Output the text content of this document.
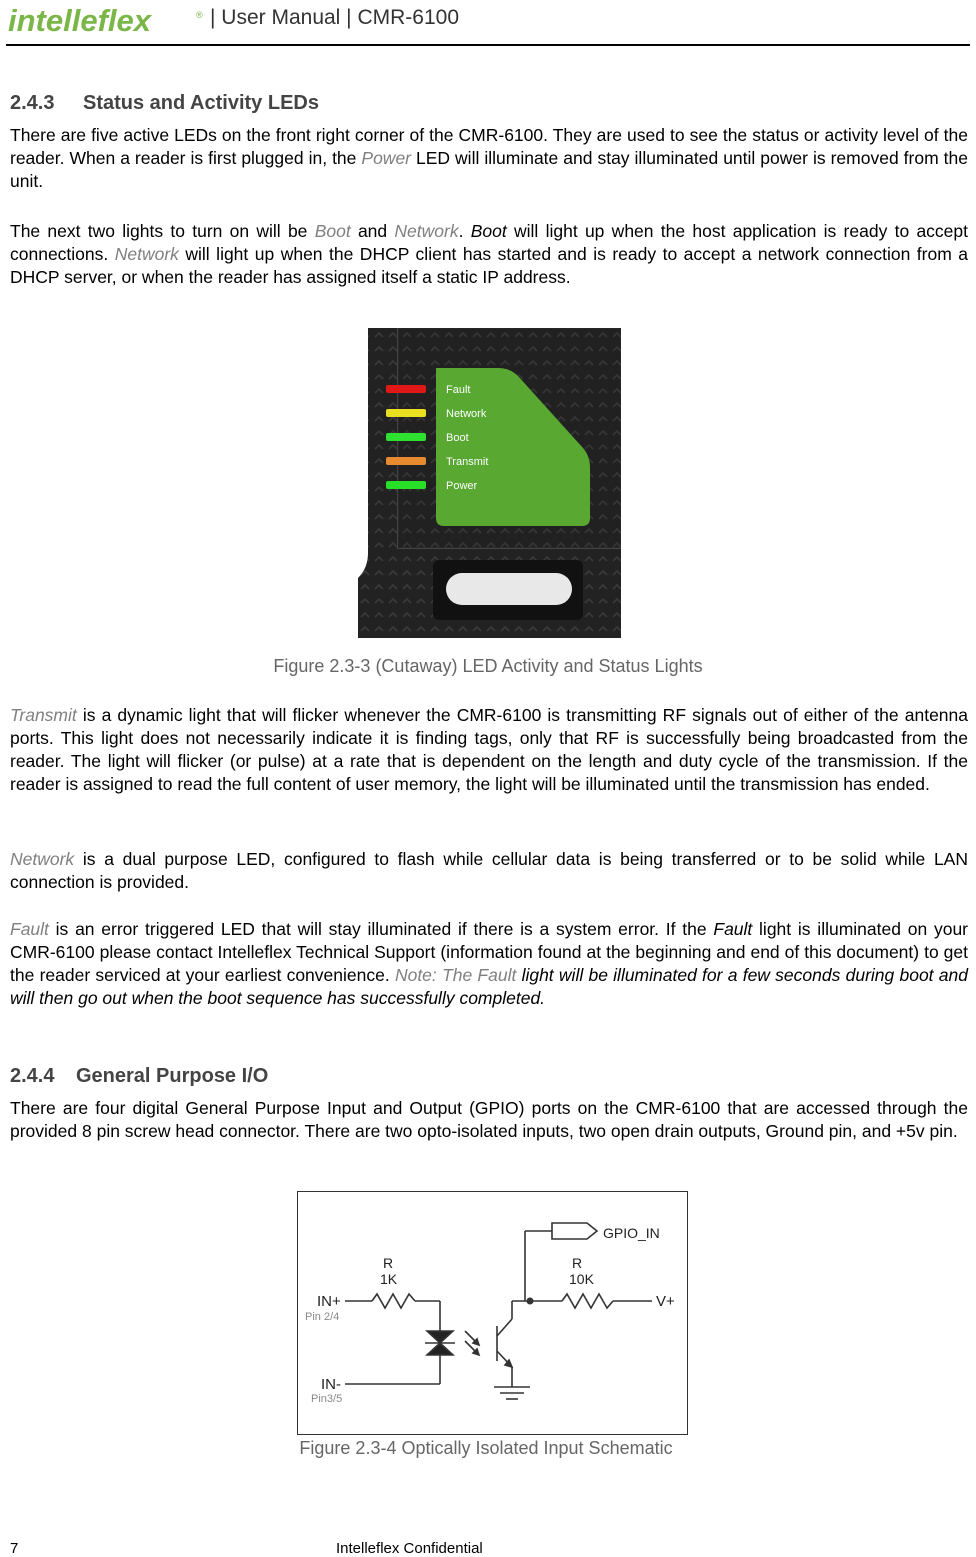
intelleflex	® | User Manual | CMR-6100
2.4.3 Status and Activity LEDs

There are five active LEDs on the front right corner of the CMR-6100. They are used to see the status or activity level of the reader. When a reader is first plugged in, the Power LED will illuminate and stay illuminated until power is removed from the unit.

The next two lights to turn on will be Boot and Network. Boot will light up when the host application is ready to accept connections. Network will light up when the DHCP client has started and is ready to accept a network connection from a DHCP server, or when the reader has assigned itself a static IP address.

Fault
Network
Boot
Transmit
Power
Figure 2.3-3 (Cutaway) LED Activity and Status Lights

Transmit is a dynamic light that will flicker whenever the CMR-6100 is transmitting RF signals out of either of the antenna ports. This light does not necessarily indicate it is finding tags, only that RF is successfully being broadcasted from the reader. The light will flicker (or pulse) at a rate that is dependent on the length and duty cycle of the transmission. If the reader is assigned to read the full content of user memory, the light will be illuminated until the transmission has ended.

Network is a dual purpose LED, configured to flash while cellular data is being transferred or to be solid while LAN connection is provided.

Fault is an error triggered LED that will stay illuminated if there is a system error. If the Fault light is illuminated on your CMR-6100 please contact Intelleflex Technical Support (information found at the beginning and end of this document) to get the reader serviced at your earliest convenience. Note: The Fault light will be illuminated for a few seconds during boot and will then go out when the boot sequence has successfully completed.

2.4.4 General Purpose I/O

There are four digital General Purpose Input and Output (GPIO) ports on the CMR-6100 that are accessed through the provided 8 pin screw head connector. There are two opto-isolated inputs, two open drain outputs, Ground pin, and +5v pin.

GPIO_IN
R
1K
R
10K
IN+
Pin 2/4
IN-
Pin3/5
V+
Figure 2.3-4 Optically Isolated Input Schematic
7	Intelleflex Confidential
